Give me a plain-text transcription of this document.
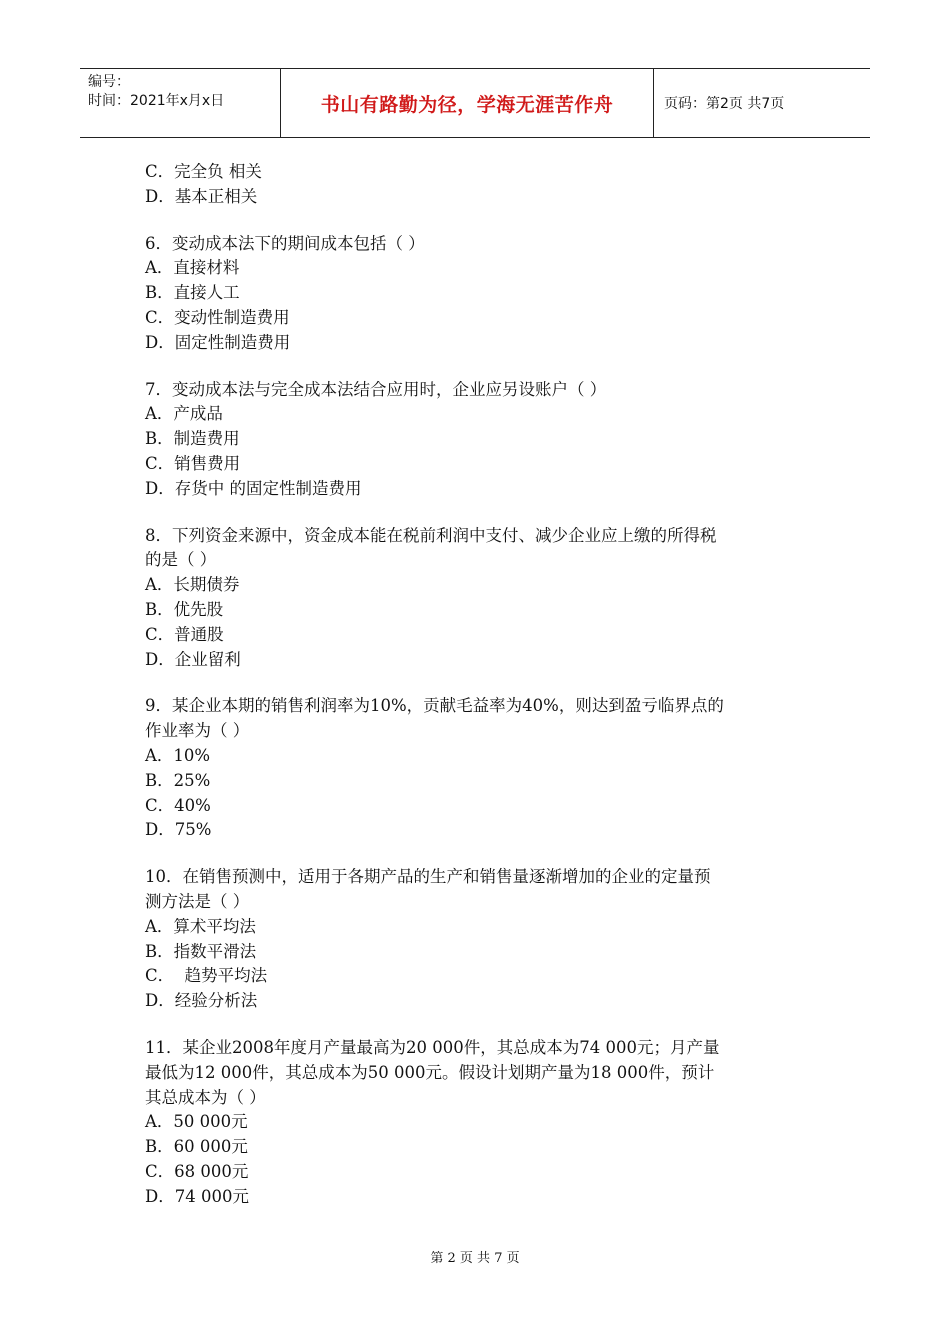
编号：
时间：2021年x月x日	书山有路勤为径，学海无涯苦作舟	页码：第2页 共7页
C．完全负 相关
D．基本正相关
6．变动成本法下的期间成本包括（ ）
A．直接材料
B．直接人工
C．变动性制造费用
D．固定性制造费用
7．变动成本法与完全成本法结合应用时，企业应另设账户（ ）
A．产成品
B．制造费用
C．销售费用
D．存货中 的固定性制造费用
8．下列资金来源中，资金成本能在税前利润中支付、减少企业应上缴的所得税
的是（ ）
A．长期债券
B．优先股
C．普通股
D．企业留利
9．某企业本期的销售利润率为10%，贡献毛益率为40%，则达到盈亏临界点的
作业率为（ ）
A．10%
B．25%
C．40%
D．75%
10．在销售预测中，适用于各期产品的生产和销售量逐渐增加的企业的定量预
测方法是（ ）
A．算术平均法
B．指数平滑法
C．  趋势平均法
D．经验分析法
11．某企业2008年度月产量最高为20 000件，其总成本为74 000元；月产量
最低为12 000件，其总成本为50 000元。假设计划期产量为18 000件，预计
其总成本为（ ）
A．50 000元
B．60 000元
C．68 000元
D．74 000元
第 2 页 共 7 页
